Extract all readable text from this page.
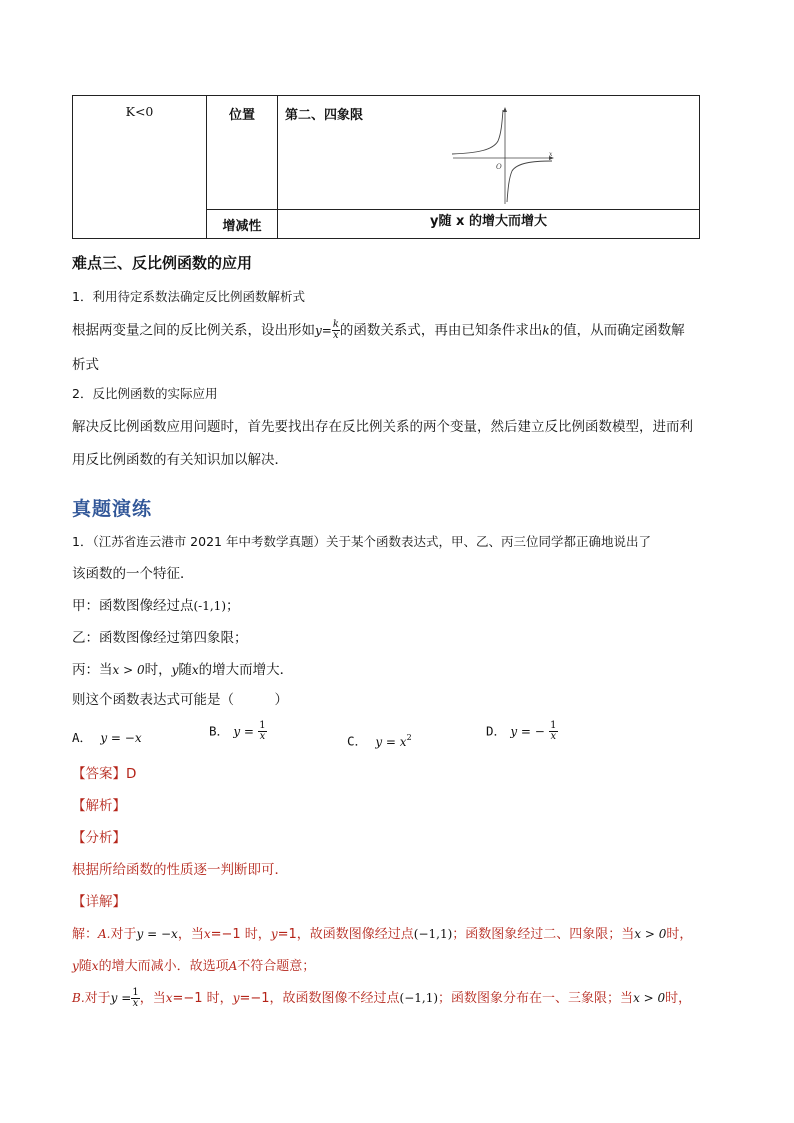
K<0	位置	第二、四象限
O
x

	增减性	y随 x 的增大而增大
难点三、反比例函数的应用
1．利用待定系数法确定反比例函数解析式
根据两变量之间的反比例关系，设出形如$y= \frac{k}{x}$ 的函数关系式，再由已知条件求出k的值，从而确定函数解
析式
2．反比例函数的实际应用
解决反比例函数应用问题时，首先要找出存在反比例关系的两个变量，然后建立反比例函数模型，进而利
用反比例函数的有关知识加以解决．
真题演练
1．（江苏省连云港市 2021 年中考数学真题）关于某个函数表达式，甲、乙、丙三位同学都正确地说出了
该函数的一个特征．
甲：函数图像经过点(-1,1)；
乙：函数图像经过第四象限；
丙：当x > 0时，y随x的增大而增大．
则这个函数表达式可能是（　　　）
A． y = −x	B． $y = \frac{1}{x}$	C． $y = x^2$	D． y = − $\frac{1}{x}$
【答案】D
【解析】
【分析】
根据所给函数的性质逐一判断即可．
【详解】
解：A.对于y = −x，当x=−1 时，y=1，故函数图像经过点(−1,1)；函数图象经过二、四象限；当x > 0时，
y随x的增大而减小．故选项A不符合题意；
B.对于$y = \frac{1}{x}$ ，当x=−1 时，y=−1，故函数图像不经过点(−1,1)；函数图象分布在一、三象限；当x > 0时，
